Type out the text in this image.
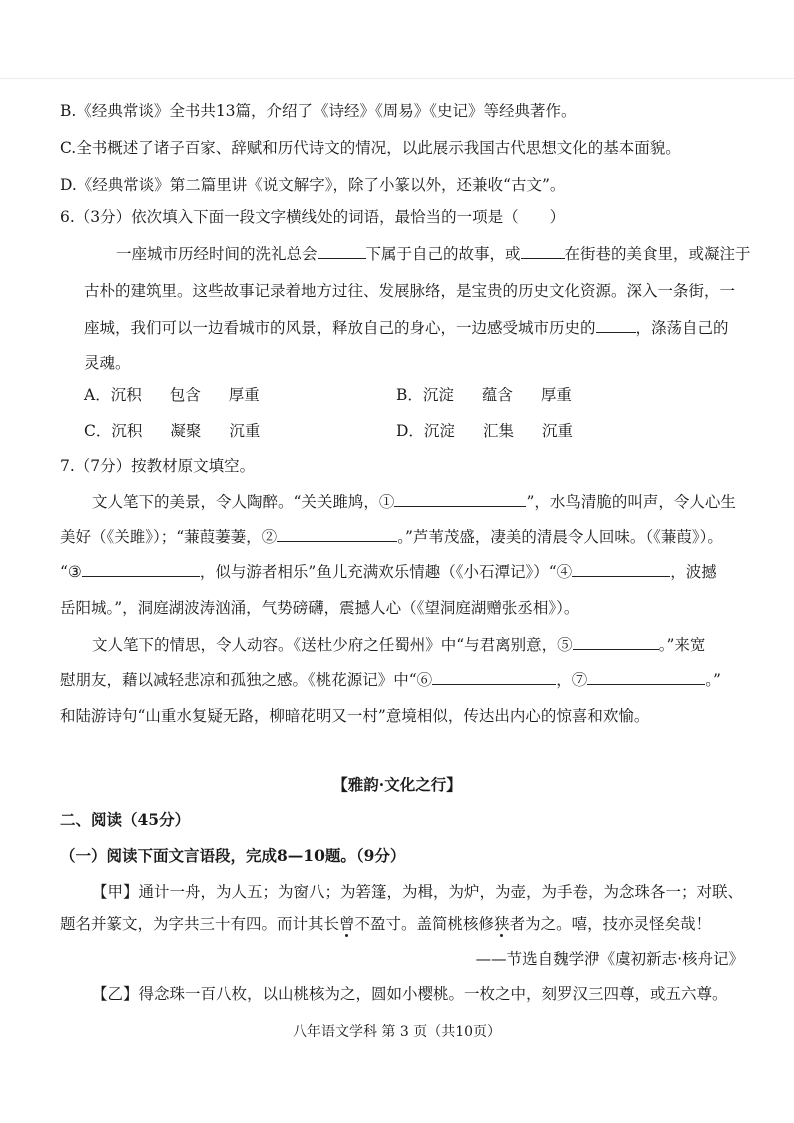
B.《经典常谈》全书共13篇，介绍了《诗经》《周易》《史记》等经典著作。
C.全书概述了诸子百家、辞赋和历代诗文的情况，以此展示我国古代思想文化的基本面貌。
D.《经典常谈》第二篇里讲《说文解字》，除了小篆以外，还兼收“古文”。
6.（3分）依次填入下面一段文字横线处的词语，最恰当的一项是（　　）
一座城市历经时间的洗礼总会	下属于自己的故事，或	在街巷的美食里，或凝注于
古朴的建筑里。这些故事记录着地方过往、发展脉络，是宝贵的历史文化资源。深入一条街，一
座城，我们可以一边看城市的风景，释放自己的身心，一边感受城市历史的	，涤荡自己的
灵魂。
A．沉积 包含 厚重	B．沉淀 蕴含 厚重
C．沉积 凝聚 沉重	D．沉淀 汇集 沉重
7.（7分）按教材原文填空。
文人笔下的美景，令人陶醉。“关关雎鸠，①	”，水鸟清脆的叫声，令人心生
美好（《关雎》）；“蒹葭萋萋，②	。”芦苇茂盛，凄美的清晨令人回味。（《蒹葭》）。
“③	，似与游者相乐”鱼儿充满欢乐情趣（《小石潭记》）“④	，波撼
岳阳城。”，洞庭湖波涛汹涌，气势磅礴，震撼人心（《望洞庭湖赠张丞相》）。
文人笔下的情思，令人动容。《送杜少府之任蜀州》中“与君离别意，⑤	。”来宽
慰朋友，藉以减轻悲凉和孤独之感。《桃花源记》中“⑥	，⑦	。”
和陆游诗句“山重水复疑无路，柳暗花明又一村”意境相似，传达出内心的惊喜和欢愉。
【雅韵·文化之行】
二、阅读（45分）
（一）阅读下面文言语段，完成8—10题。（9分）
【甲】通计一舟，为人五；为窗八；为箬篷，为楫，为炉，为壶，为手卷，为念珠各一；对联、
题名并篆文，为字共三十有四。而计其长曾不盈寸。盖简桃核修狭者为之。嘻，技亦灵怪矣哉！
——节选自魏学洢《虞初新志·核舟记》
【乙】得念珠一百八枚，以山桃核为之，圆如小樱桃。一枚之中，刻罗汉三四尊，或五六尊。
八年语文学科 第 3 页（共10页）
